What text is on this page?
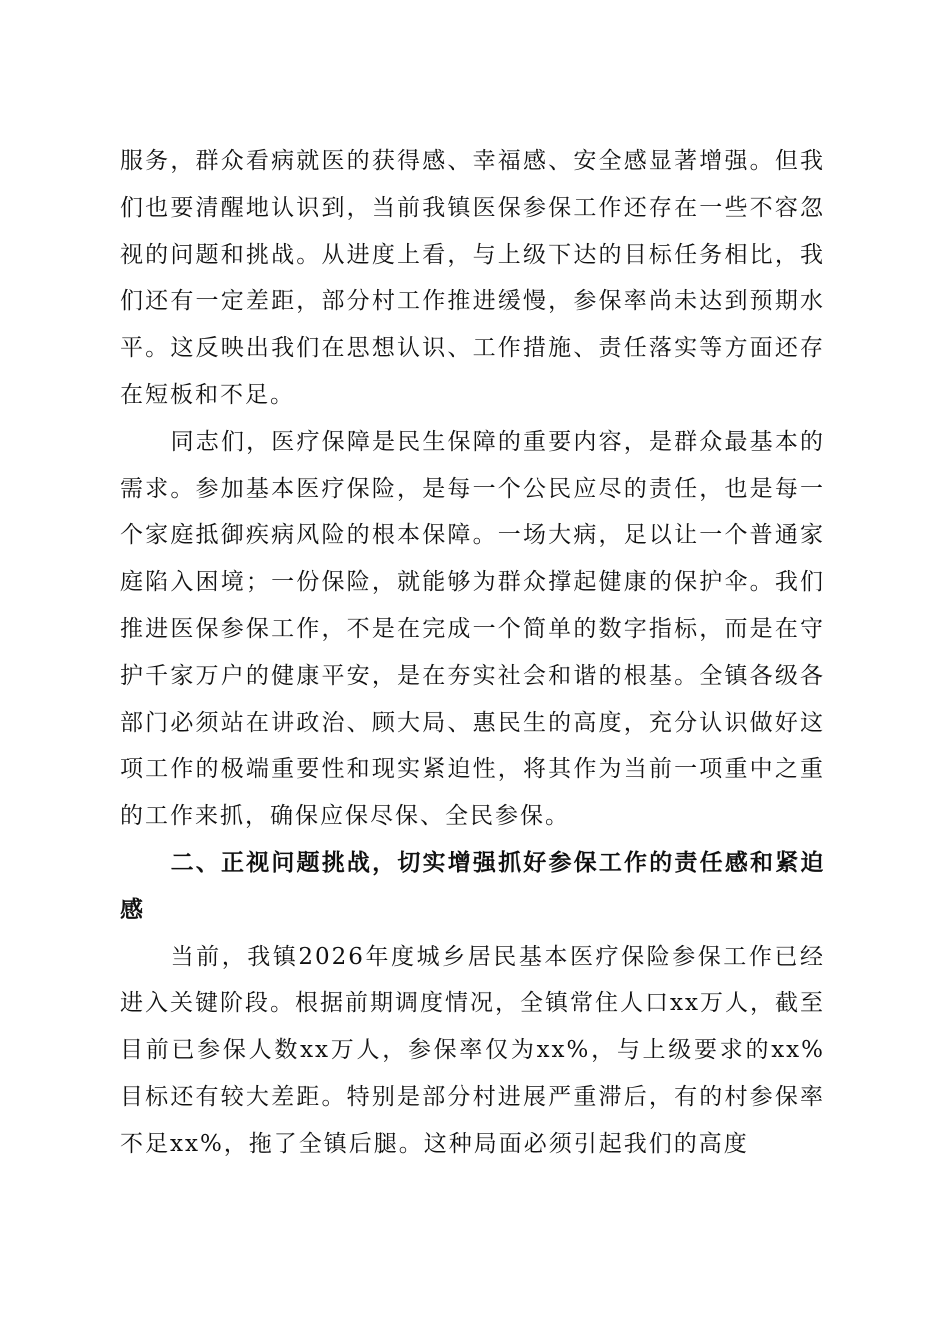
服务，群众看病就医的获得感、幸福感、安全感显著增强。但我们也要清醒地认识到，当前我镇医保参保工作还存在一些不容忽视的问题和挑战。从进度上看，与上级下达的目标任务相比，我们还有一定差距，部分村工作推进缓慢，参保率尚未达到预期水平。这反映出我们在思想认识、工作措施、责任落实等方面还存在短板和不足。

同志们，医疗保障是民生保障的重要内容，是群众最基本的需求。参加基本医疗保险，是每一个公民应尽的责任，也是每一个家庭抵御疾病风险的根本保障。一场大病，足以让一个普通家庭陷入困境；一份保险，就能够为群众撑起健康的保护伞。我们推进医保参保工作，不是在完成一个简单的数字指标，而是在守护千家万户的健康平安，是在夯实社会和谐的根基。全镇各级各部门必须站在讲政治、顾大局、惠民生的高度，充分认识做好这项工作的极端重要性和现实紧迫性，将其作为当前一项重中之重的工作来抓，确保应保尽保、全民参保。

二、正视问题挑战，切实增强抓好参保工作的责任感和紧迫感

当前，我镇2026年度城乡居民基本医疗保险参保工作已经进入关键阶段。根据前期调度情况，全镇常住人口xx万人，截至目前已参保人数xx万人，参保率仅为xx%，与上级要求的xx%目标还有较大差距。特别是部分村进展严重滞后，有的村参保率不足xx%，拖了全镇后腿。这种局面必须引起我们的高度
